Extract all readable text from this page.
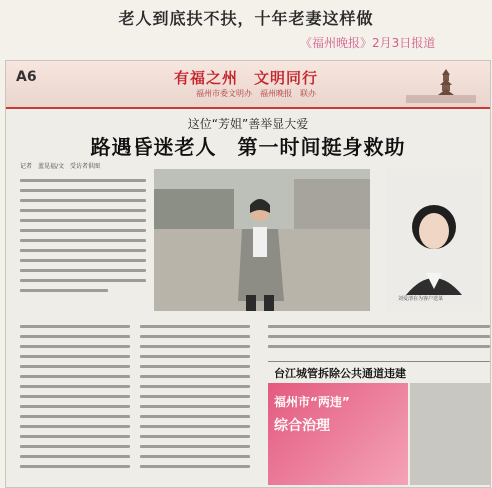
老人到底扶不扶，十年老妻这样做
《福州晚报》2月3日报道
A6	有福之州　文明同行
福州市委文明办　福州晚报　联办
这位“芳姐”善举显大爱
路遇昏迷老人　第一时间挺身救助
记者　蓝晃福/文　受访者供图
刘爱清在为客户送菜
台江城管拆除公共通道违建
福州市“两违”
综合治理
